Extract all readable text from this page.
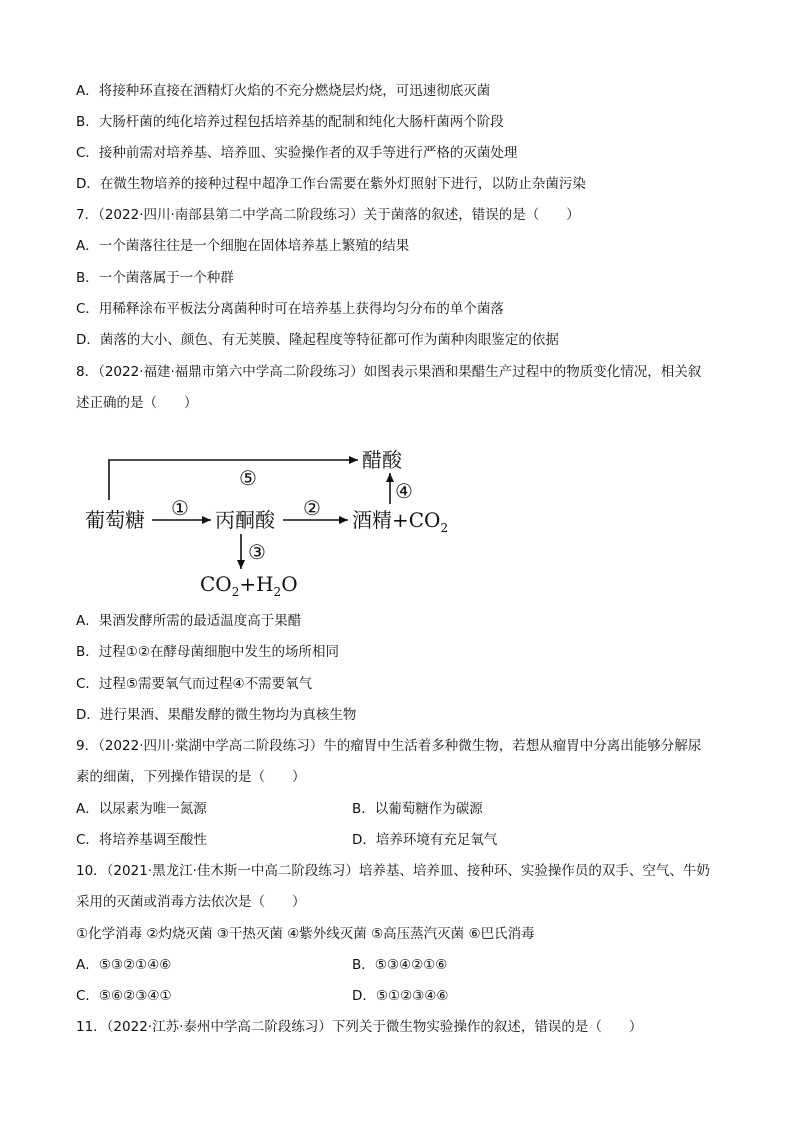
A．将接种环直接在酒精灯火焰的不充分燃烧层灼烧，可迅速彻底灭菌
B．大肠杆菌的纯化培养过程包括培养基的配制和纯化大肠杆菌两个阶段
C．接种前需对培养基、培养皿、实验操作者的双手等进行严格的灭菌处理
D．在微生物培养的接种过程中超净工作台需要在紫外灯照射下进行，以防止杂菌污染
7．（2022·四川·南部县第二中学高二阶段练习）关于菌落的叙述，错误的是（　　）
A．一个菌落往往是一个细胞在固体培养基上繁殖的结果
B．一个菌落属于一个种群
C．用稀释涂布平板法分离菌种时可在培养基上获得均匀分布的单个菌落
D．菌落的大小、颜色、有无荚膜、隆起程度等特征都可作为菌种肉眼鉴定的依据
8．（2022·福建·福鼎市第六中学高二阶段练习）如图表示果酒和果醋生产过程中的物质变化情况，相关叙
述正确的是（　　）
⑤
醋酸
葡萄糖 ① 丙酮酸 ② 酒精$+CO_2$
④
③
$CO_2+H_2O$
A．果酒发酵所需的最适温度高于果醋
B．过程①②在酵母菌细胞中发生的场所相同
C．过程⑤需要氧气而过程④不需要氧气
D．进行果酒、果醋发酵的微生物均为真核生物
9．（2022·四川·棠湖中学高二阶段练习）牛的瘤胃中生活着多种微生物，若想从瘤胃中分离出能够分解尿
素的细菌，下列操作错误的是（　　）
A．以尿素为唯一氮源	B．以葡萄糖作为碳源
C．将培养基调至酸性	D．培养环境有充足氧气
10．（2021·黑龙江·佳木斯一中高二阶段练习）培养基、培养皿、接种环、实验操作员的双手、空气、牛奶
采用的灭菌或消毒方法依次是（　　）
①化学消毒 ②灼烧灭菌 ③干热灭菌 ④紫外线灭菌 ⑤高压蒸汽灭菌 ⑥巴氏消毒
A．⑤③②①④⑥	B．⑤③④②①⑥
C．⑤⑥②③④①	D．⑤①②③④⑥
11．（2022·江苏·泰州中学高二阶段练习）下列关于微生物实验操作的叙述，错误的是（　　）
